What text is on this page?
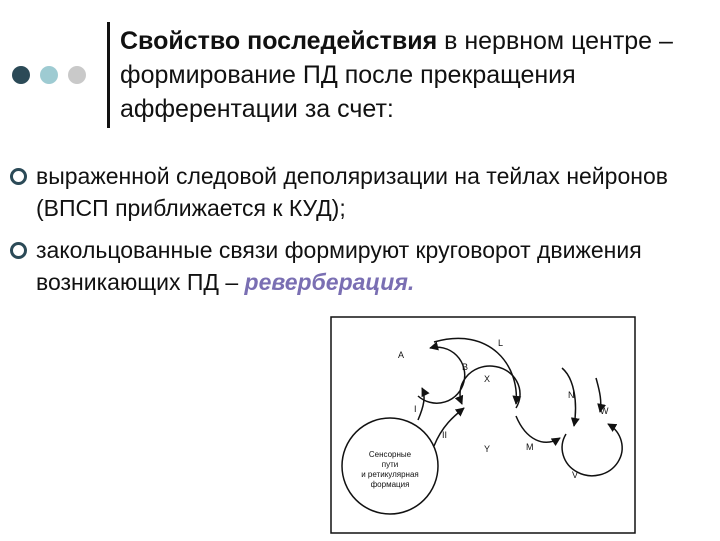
Свойство последействия в нервном центре – формирование ПД после прекращения афферентации за счет:
выраженной следовой деполяризации на тейлах нейронов (ВПСП приближается к КУД);
закольцованные связи формируют круговорот движения возникающих ПД – реверберация.
A
B
L
X
I
II
Y	M
N
W
V
Сенсорные
пути
и ретикулярная
формация
